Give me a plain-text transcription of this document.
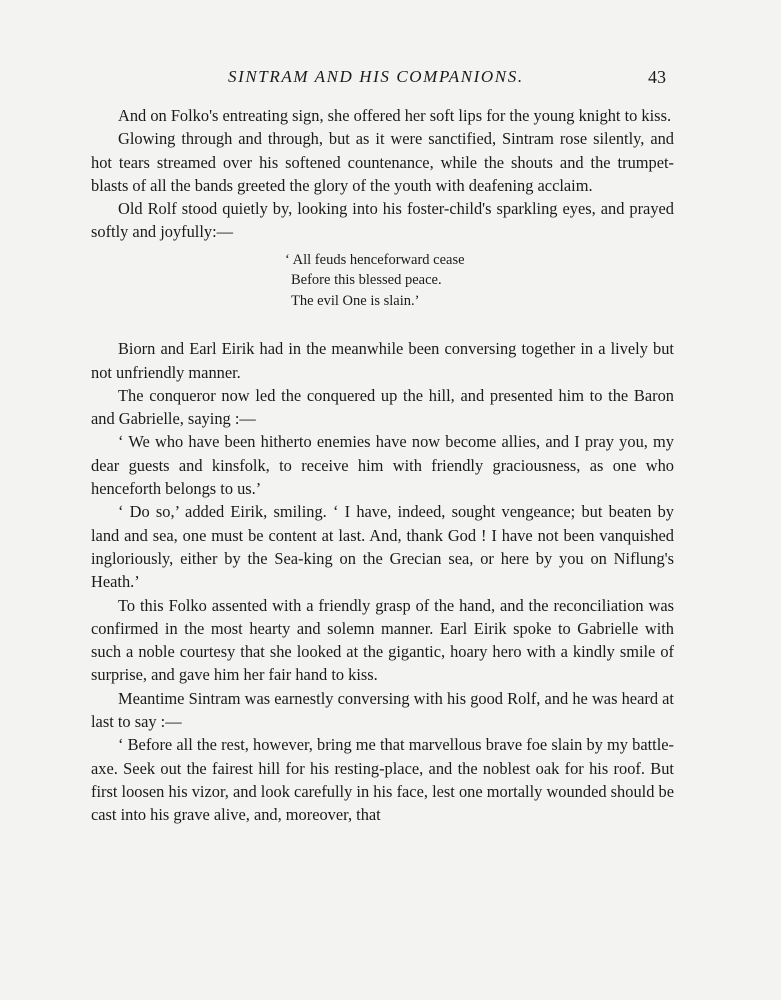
SINTRAM AND HIS COMPANIONS.	43

And on Folko's entreating sign, she offered her soft lips for the young knight to kiss.

Glowing through and through, but as it were sanctified, Sintram rose silently, and hot tears streamed over his softened countenance, while the shouts and the trumpet-blasts of all the bands greeted the glory of the youth with deafening acclaim.

Old Rolf stood quietly by, looking into his foster-child's sparkling eyes, and prayed softly and joyfully:—

‘ All feuds henceforward cease
Before this blessed peace.
The evil One is slain.’

Biorn and Earl Eirik had in the meanwhile been conversing together in a lively but not unfriendly manner.

The conqueror now led the conquered up the hill, and presented him to the Baron and Gabrielle, saying :—

‘ We who have been hitherto enemies have now become allies, and I pray you, my dear guests and kinsfolk, to receive him with friendly graciousness, as one who henceforth belongs to us.’

‘ Do so,’ added Eirik, smiling. ‘ I have, indeed, sought vengeance; but beaten by land and sea, one must be content at last. And, thank God ! I have not been vanquished ingloriously, either by the Sea-king on the Grecian sea, or here by you on Niflung's Heath.’

To this Folko assented with a friendly grasp of the hand, and the reconciliation was confirmed in the most hearty and solemn manner. Earl Eirik spoke to Gabrielle with such a noble courtesy that she looked at the gigantic, hoary hero with a kindly smile of surprise, and gave him her fair hand to kiss.

Meantime Sintram was earnestly conversing with his good Rolf, and he was heard at last to say :—

‘ Before all the rest, however, bring me that marvellous brave foe slain by my battle-axe. Seek out the fairest hill for his resting-place, and the noblest oak for his roof. But first loosen his vizor, and look carefully in his face, lest one mortally wounded should be cast into his grave alive, and, moreover, that
